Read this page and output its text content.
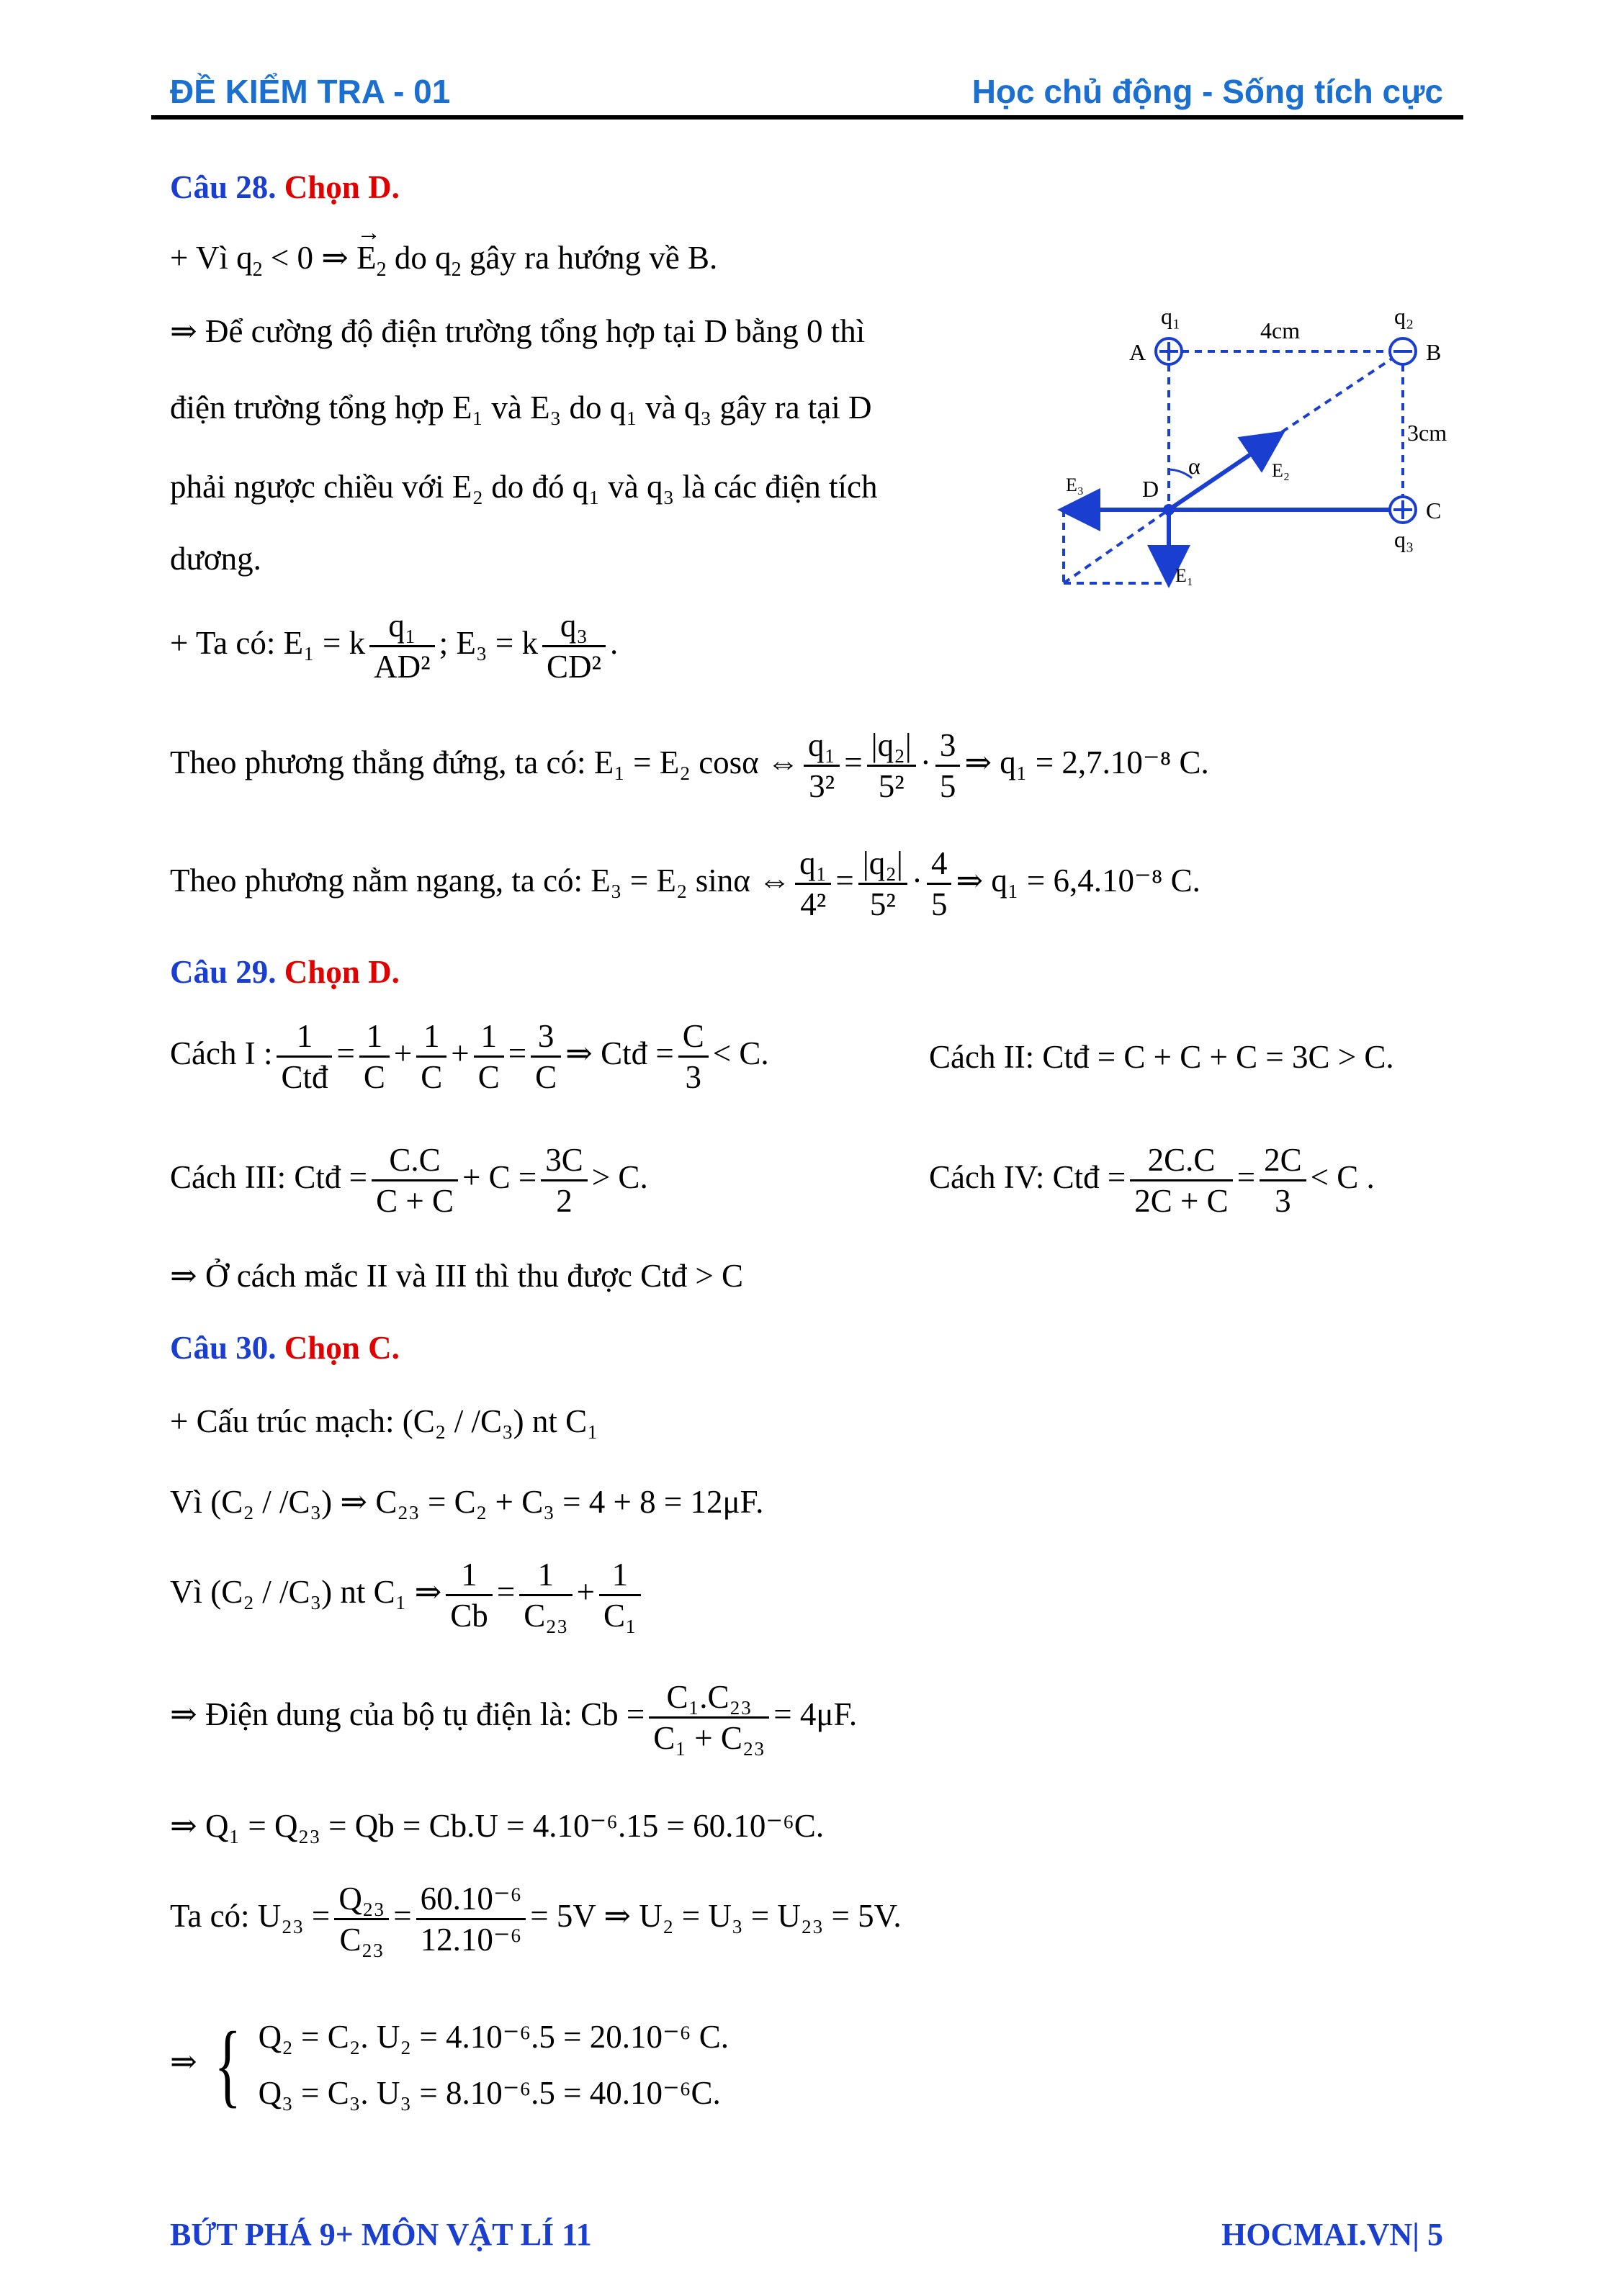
ĐỀ KIỂM TRA - 01	Học chủ động - Sống tích cực
Câu 28. Chọn D.
+ Vì $q_2 < 0$ ⇒ → $E_2$ do $q_2$ gây ra hướng về B.
⇒ Để cường độ điện trường tổng hợp tại D bằng 0 thì
điện trường tổng hợp E₁ và E₃ do q₁ và q₃ gây ra tại D
phải ngược chiều với E₂ do đó q₁ và q₃ là các điện tích
dương.
+ Ta có: E₁ = k $\frac{\text{q₁}}{\text{AD²}}$ ; E₃ = k $\frac{\text{q₃}}{\text{CD²}}$ .
Theo phương thẳng đứng, ta có: E₁ = E₂ cosα ⇔ $\frac{\text{q₁}}{\text{3²}} = \frac{\text{|q₂|}}{\text{5²}} \cdot \frac{3}{5}$ ⇒ q₁ = 2,7.10⁻⁸ C.
Theo phương nằm ngang, ta có: E₃ = E₂ sinα ⇔ $\frac{\text{q₁}}{\text{4²}} = \frac{\text{|q₂|}}{\text{5²}} \cdot \frac{4}{5}$ ⇒ q₁ = 6,4.10⁻⁸ C.
q₁	q₂
q₃
A	B
C
D
4cm
3cm
α
E₁
E₂
E₃
Câu 29. Chọn D.
Cách I : $\frac{1}{\text{Ctđ}} = \frac{1}{C} + \frac{1}{C} + \frac{1}{C} = \frac{3}{C}$ ⇒ Ctđ = $\frac{C}{3} < C$.	Cách II: Ctđ = C + C + C = 3C > C.
Cách III: Ctđ = $\frac{C.C}{C + C} + C = \frac{3C}{2} > C$.	Cách IV: Ctđ = $\frac{2C.C}{2C + C} = \frac{2C}{3} < C$ .
⇒ Ở cách mắc II và III thì thu được Ctđ > C
Câu 30. Chọn C.
+ Cấu trúc mạch: (C₂ / /C₃) nt C₁
Vì (C₂ / /C₃) ⇒ C₂₃ = C₂ + C₃ = 4 + 8 = 12μF.
Vì (C₂ / /C₃) nt C₁ ⇒ $\frac{1}{Cb} = \frac{1}{\text{C₂₃}} + \frac{1}{\text{C₁}}$
⇒ Điện dung của bộ tụ điện là: $Cb = \frac{\text{C₁.C₂₃}}{\text{C₁ + C₂₃}} = 4\mu F$.
⇒ Q₁ = Q₂₃ = Qb = Cb.U = 4.10⁻⁶.15 = 60.10⁻⁶C.
Ta có: $U_{23} = \frac{\text{Q₂₃}}{\text{C₂₃}} = \frac{\text{60.10⁻⁶}}{\text{12.10⁻⁶}} = 5V$ ⇒ U₂ = U₃ = U₂₃ = 5V.
⇒ { Q₂ = C₂. U₂ = 4.10⁻⁶.5 = 20.10⁻⁶ C.
Q₃ = C₃. U₃ = 8.10⁻⁶.5 = 40.10⁻⁶C.
BỨT PHÁ 9+ MÔN VẬT LÍ 11	HOCMAI.VN| 5
